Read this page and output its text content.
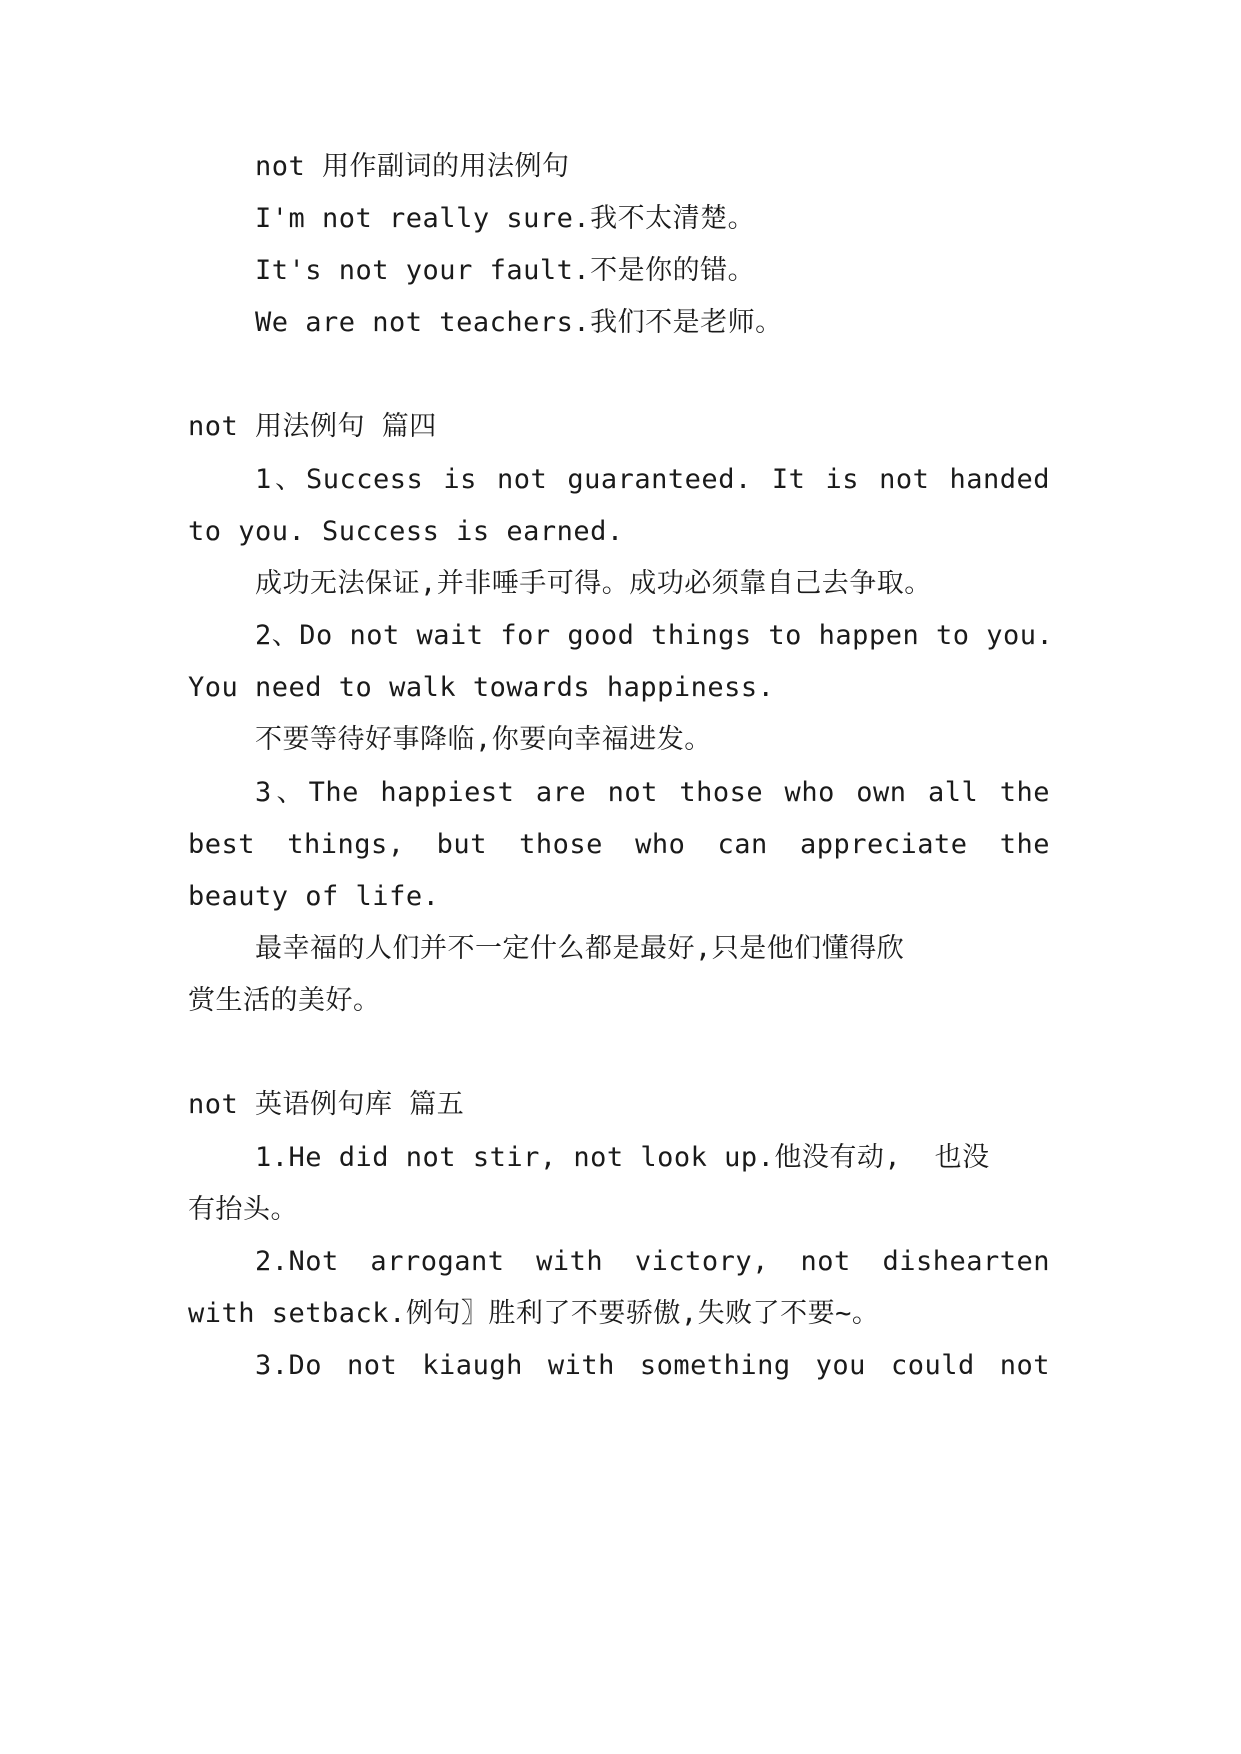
not 用作副词的用法例句
I'm not really sure.我不太清楚。
It's not your fault.不是你的错。
We are not teachers.我们不是老师。
not 用法例句 篇四
1、Success is not guaranteed. It is not handed
to you. Success is earned.
成功无法保证,并非唾手可得。成功必须靠自己去争取。
2、Do not wait for good things to happen to you.
You need to walk towards happiness.
不要等待好事降临,你要向幸福进发。
3、The happiest are not those who own all the
best things, but those who can appreciate the
beauty of life.
最幸福的人们并不一定什么都是最好,只是他们懂得欣
赏生活的美好。
not 英语例句库 篇五
1.He did not stir, not look up.他没有动,  也没
有抬头。
2.Not arrogant with victory, not dishearten
with setback.例句〗胜利了不要骄傲,失败了不要~。
3.Do not kiaugh with something you could not
